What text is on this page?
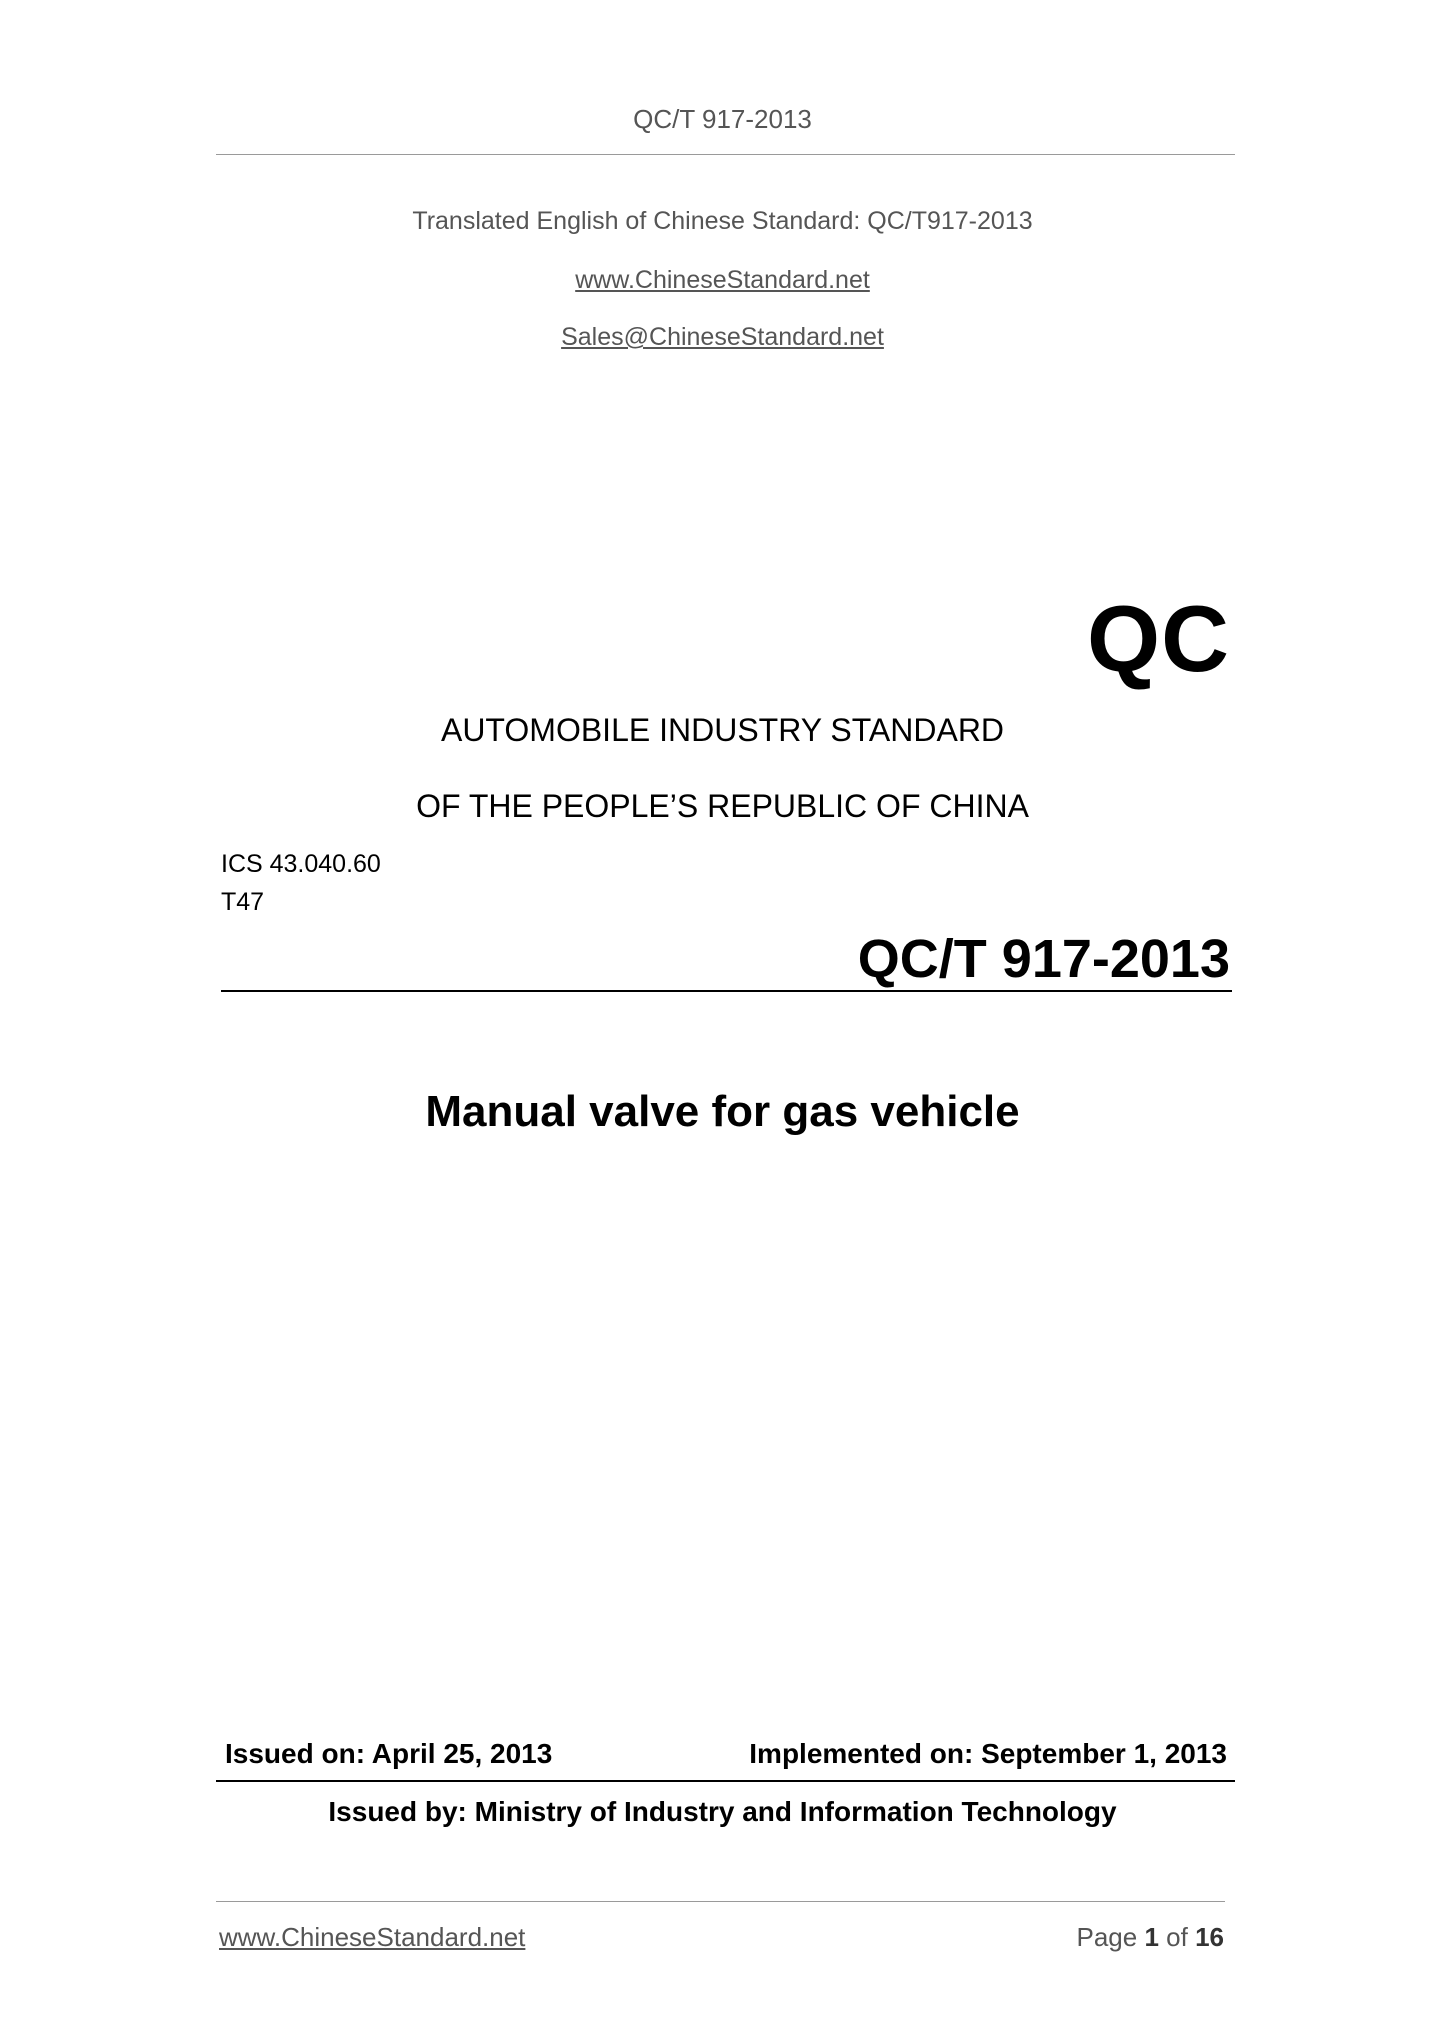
QC/T 917-2013
Translated English of Chinese Standard: QC/T917-2013
www.ChineseStandard.net
Sales@ChineseStandard.net
QC
AUTOMOBILE INDUSTRY STANDARD
OF THE PEOPLE’S REPUBLIC OF CHINA
ICS 43.040.60
T47
QC/T 917-2013
Manual valve for gas vehicle
Issued on: April 25, 2013	Implemented on: September 1, 2013
Issued by: Ministry of Industry and Information Technology
www.ChineseStandard.net	Page 1 of 16
